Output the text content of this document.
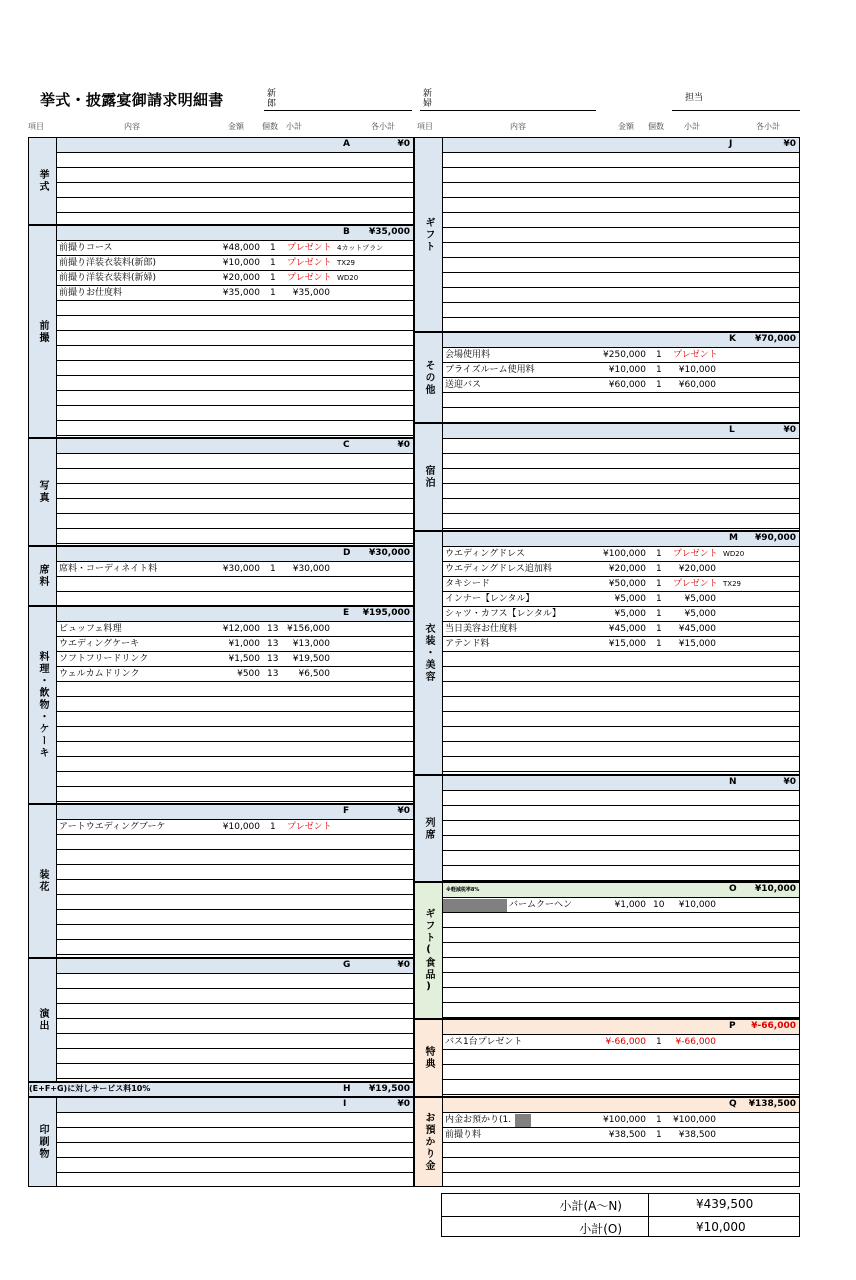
挙式・披露宴御請求明細書	新郎
新婦
担当
項目	内容	金額 個数 小計	各小計	項目	内容	金額 個数	小計	各小計
挙式
A	¥0
前撮
B ¥35,000
前撮りコース	¥48,000 1 プレゼント 4カットプラン
前撮り洋装衣装料(新郎)	¥10,000 1 プレゼント TX29
前撮り洋装衣装料(新婦)	¥20,000 1 プレゼント WD20
前撮りお仕度料	¥35,000 1 ¥35,000
写真
C	¥0
席料
D ¥30,000
席料・コーディネイト料	¥30,000 1 ¥30,000
料理・飲物・ケーキ
E ¥195,000
ビュッフェ料理	¥12,000 13 ¥156,000
ウエディングケーキ	¥1,000 13 ¥13,000
ソフトフリードリンク	¥1,500 13 ¥19,500
ウェルカムドリンク	¥500 13 ¥6,500
装花
F	¥0
アートウエディングブーケ	¥10,000 1 プレゼント
演出
G	¥0
H ¥19,500
印刷物
I	¥0
ギフト
J	¥0
その他
K ¥70,000
会場使用料	¥250,000 1 プレゼント
ブライズルーム使用料	¥10,000 1 ¥10,000
送迎バス	¥60,000 1 ¥60,000
宿泊
L	¥0
衣装・美容
M ¥90,000
ウエディングドレス	¥100,000 1 プレゼント WD20
ウエディングドレス追加料	¥20,000 1 ¥20,000
タキシード	¥50,000 1 プレゼント TX29
インナー【レンタル】	¥5,000 1	¥5,000
シャツ・カフス【レンタル】	¥5,000 1	¥5,000
当日美容お仕度料	¥45,000 1 ¥45,000
アテンド料	¥15,000 1 ¥15,000
列席
N	¥0
ギフト(食品)
O ¥10,000
※軽減税率8%
バームクーヘン	¥1,000 10 ¥10,000
特典
P ¥-66,000
バス1台プレゼント	¥-66,000 1 ¥-66,000
お預かり金
Q ¥138,500
内金お預かり(1.	¥100,000 1 ¥100,000
前撮り料	¥38,500 1 ¥38,500
(E+F+G)に対しサービス料10%
小計(A〜N)	¥439,500
小計(O)	¥10,000
